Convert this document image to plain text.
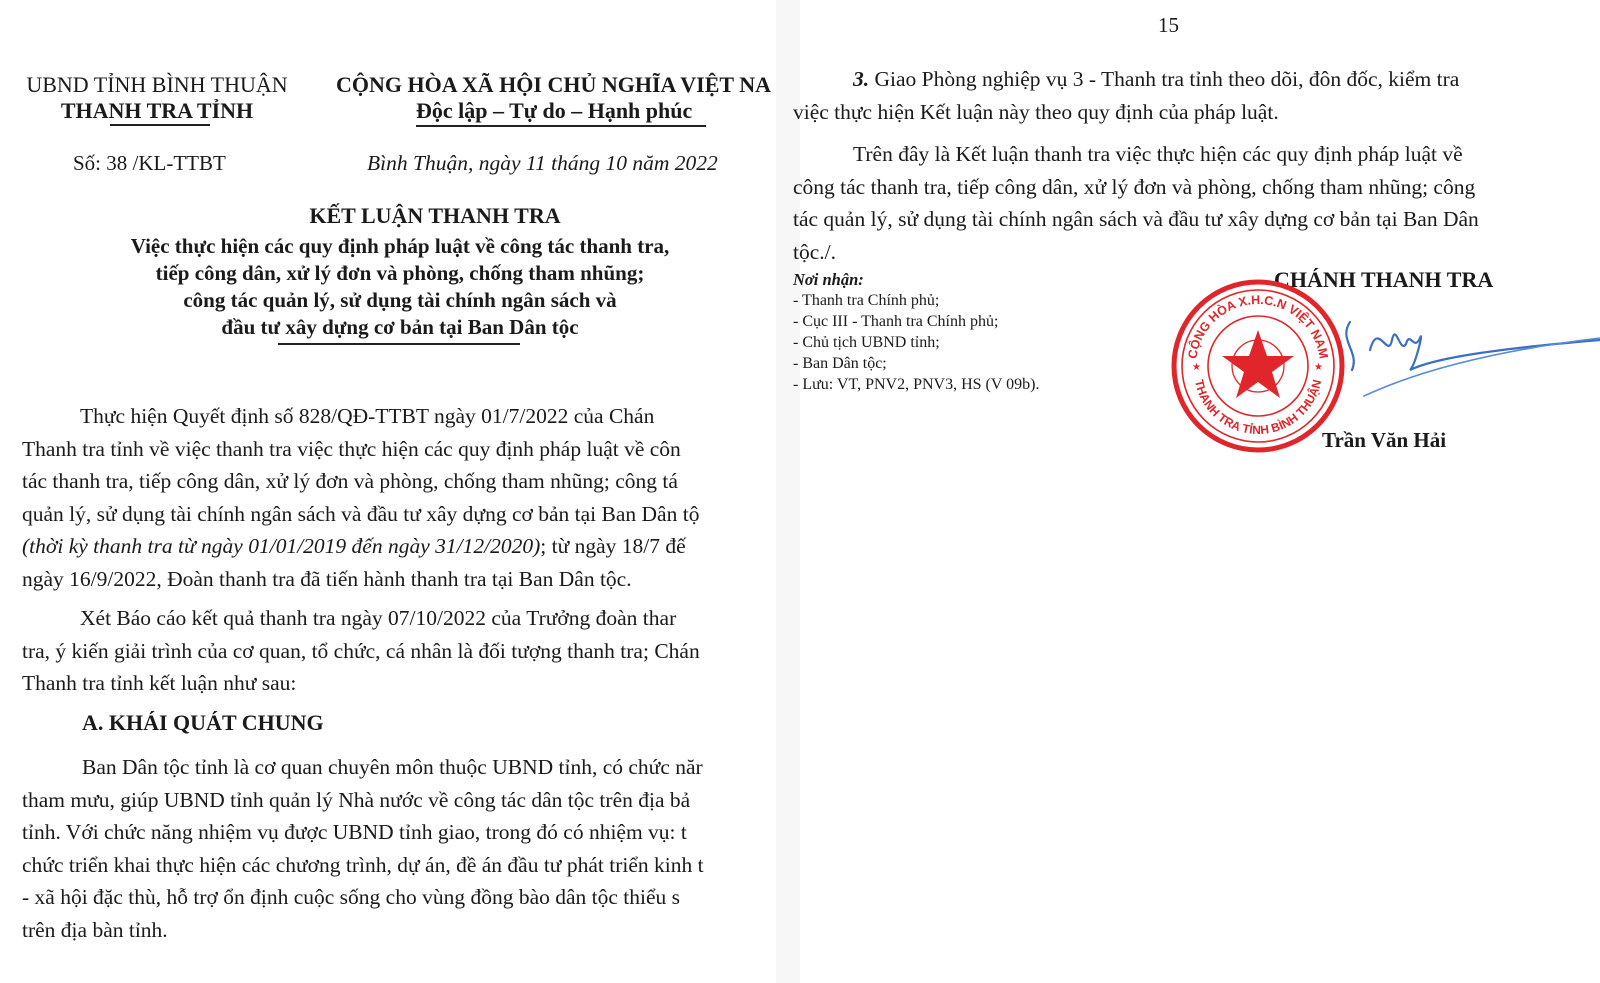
UBND TỈNH BÌNH THUẬN
THANH TRA TỈNH
CỘNG HÒA XÃ HỘI CHỦ NGHĨA VIỆT NA
Độc lập – Tự do – Hạnh phúc
Số: 38 /KL-TTBT	Bình Thuận, ngày 11 tháng 10 năm 2022
KẾT LUẬN THANH TRA
Việc thực hiện các quy định pháp luật về công tác thanh tra,
tiếp công dân, xử lý đơn và phòng, chống tham nhũng;
công tác quản lý, sử dụng tài chính ngân sách và
đầu tư xây dựng cơ bản tại Ban Dân tộc
Thực hiện Quyết định số 828/QĐ-TTBT ngày 01/7/2022 của Chán
Thanh tra tỉnh về việc thanh tra việc thực hiện các quy định pháp luật về côn
tác thanh tra, tiếp công dân, xử lý đơn và phòng, chống tham nhũng; công tá
quản lý, sử dụng tài chính ngân sách và đầu tư xây dựng cơ bản tại Ban Dân tộ
(thời kỳ thanh tra từ ngày 01/01/2019 đến ngày 31/12/2020); từ ngày 18/7 đế
ngày 16/9/2022, Đoàn thanh tra đã tiến hành thanh tra tại Ban Dân tộc.
Xét Báo cáo kết quả thanh tra ngày 07/10/2022 của Trưởng đoàn thar
tra, ý kiến giải trình của cơ quan, tổ chức, cá nhân là đối tượng thanh tra; Chán
Thanh tra tỉnh kết luận như sau:
A. KHÁI QUÁT CHUNG
Ban Dân tộc tỉnh là cơ quan chuyên môn thuộc UBND tỉnh, có chức năr
tham mưu, giúp UBND tỉnh quản lý Nhà nước về công tác dân tộc trên địa bả
tỉnh. Với chức năng nhiệm vụ được UBND tỉnh giao, trong đó có nhiệm vụ: t
chức triển khai thực hiện các chương trình, dự án, đề án đầu tư phát triển kinh t
- xã hội đặc thù, hỗ trợ ổn định cuộc sống cho vùng đồng bào dân tộc thiểu s
trên địa bàn tỉnh.
15
3. Giao Phòng nghiệp vụ 3 - Thanh tra tỉnh theo dõi, đôn đốc, kiểm tra
việc thực hiện Kết luận này theo quy định của pháp luật.
Trên đây là Kết luận thanh tra việc thực hiện các quy định pháp luật về
công tác thanh tra, tiếp công dân, xử lý đơn và phòng, chống tham nhũng; công
tác quản lý, sử dụng tài chính ngân sách và đầu tư xây dựng cơ bản tại Ban Dân
tộc./.
Nơi nhận:
- Thanh tra Chính phủ;
- Cục III - Thanh tra Chính phủ;
- Chủ tịch UBND tỉnh;
- Ban Dân tộc;
- Lưu: VT, PNV2, PNV3, HS (V 09b).
CHÁNH THANH TRA
CỘNG HÒA X.H.C.N VIỆT NAM
THANH TRA TỈNH BÌNH THUẬN
★	★
Trần Văn Hải
